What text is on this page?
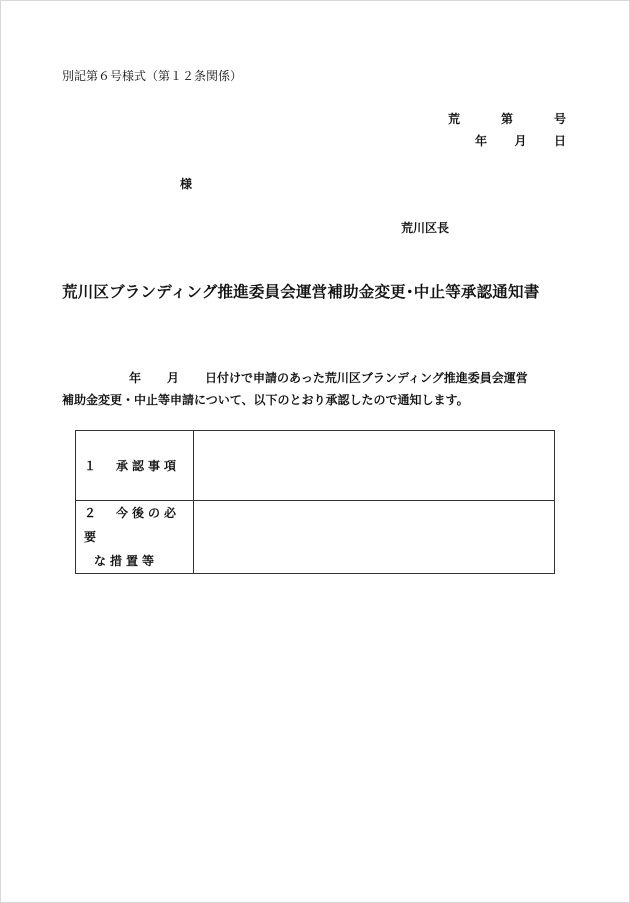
別記第６号様式（第１２条関係）
荒	第	号
年 月 日
様
荒川区長
荒川区ブランディング推進委員会運営補助金変更･中止等承認通知書
年 月 日付けで申請のあった荒川区ブランディング推進委員会運営
補助金変更・中止等申請について、以下のとおり承認したので通知します。
１　承認事項	

２　今後の必要
な措置等	
